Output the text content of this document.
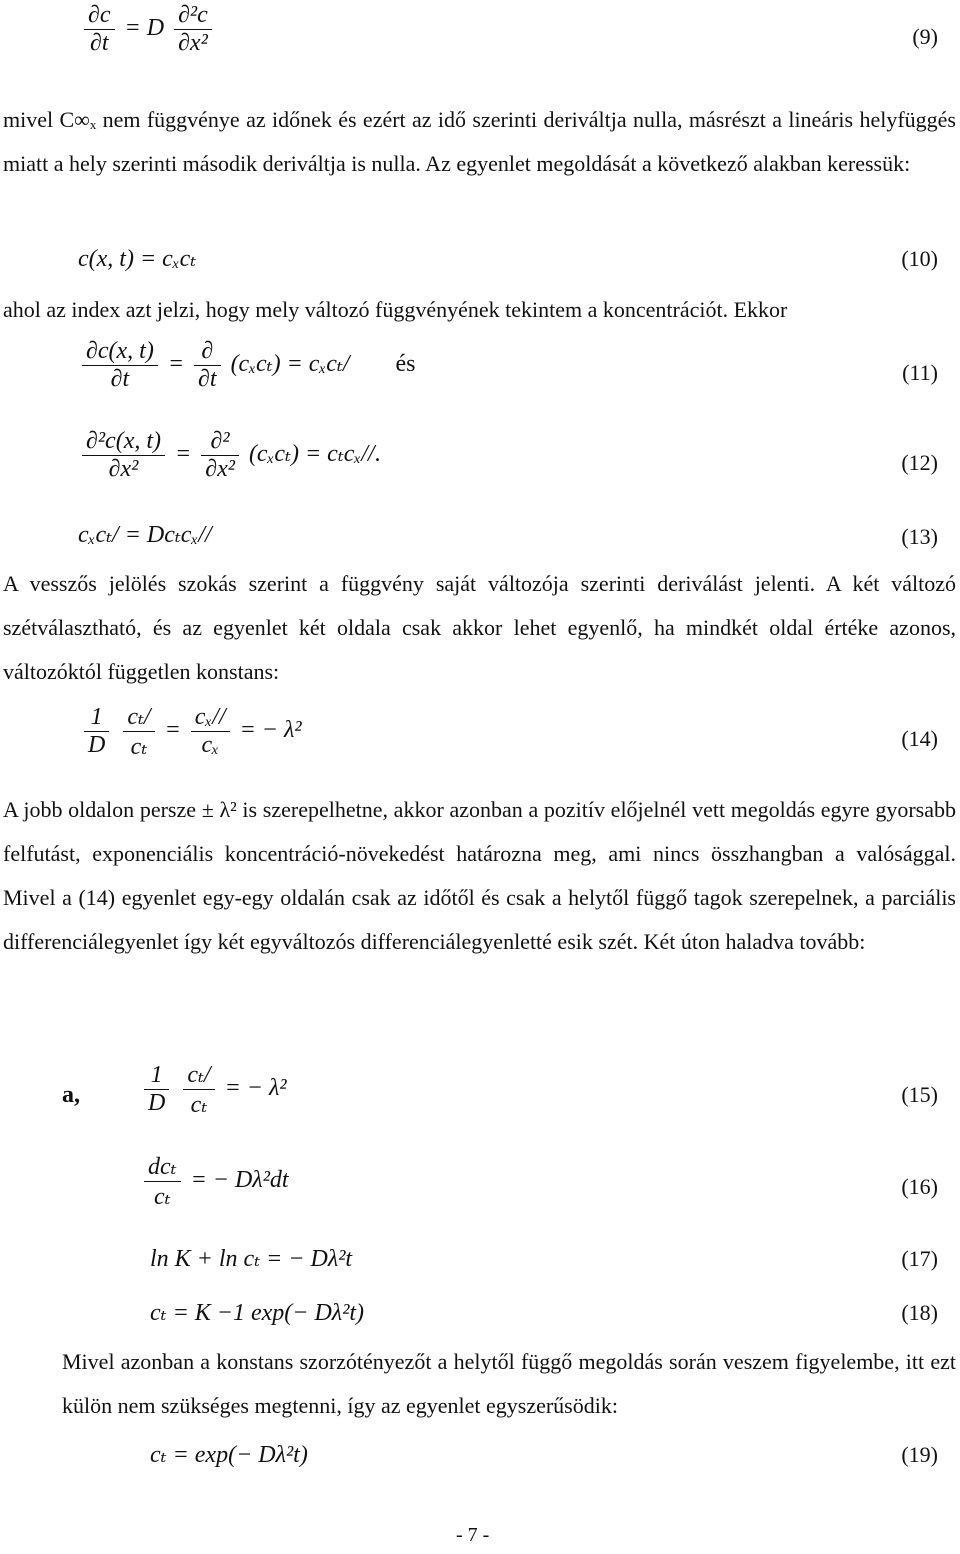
$\frac{\partial c}{\partial t} = D \frac{\text{∂²c}}{\text{∂x²}}$	(9)
mivel C∞ₓ nem függvénye az időnek és ezért az idő szerinti deriváltja nulla, másrészt a lineáris helyfüggés miatt a hely szerinti második deriváltja is nulla. Az egyenlet megoldását a következő alakban keressük:
c(x, t) = cₓcₜ	(10)
ahol az index azt jelzi, hogy mely változó függvényének tekintem a koncentrációt. Ekkor
$\frac{\partial c(x, t)}{\partial t} = \frac{\partial}{\partial t} (c_xc_t) = c_xc_t/$ és	(11)
$\frac{\text{∂²c(x, t)}}{\text{∂x²}} = \frac{\text{∂²}}{\text{∂x²}} (c_xc_t) = c_tc_x//$.	(12)
cₓcₜ/ = Dcₜcₓ//	(13)
A vesszős jelölés szokás szerint a függvény saját változója szerinti deriválást jelenti. A két változó szétválasztható, és az egyenlet két oldala csak akkor lehet egyenlő, ha mindkét oldal értéke azonos, változóktól független konstans:
$\frac{1}{D}$
$\frac{\text{cₜ/}}{\text{cₜ}} = \frac{\text{cₓ//}}{\text{cₓ}}$ = − λ²	(14)
A jobb oldalon persze ± λ² is szerepelhetne, akkor azonban a pozitív előjelnél vett megoldás egyre gyorsabb felfutást, exponenciális koncentráció-növekedést határozna meg, ami nincs összhangban a valósággal. Mivel a (14) egyenlet egy-egy oldalán csak az időtől és csak a helytől függő tagok szerepelnek, a parciális differenciálegyenlet így két egyváltozós differenciálegyenletté esik szét. Két úton haladva tovább:
a,	$\frac{1}{D}$
$\frac{\text{cₜ/}}{\text{cₜ}}$ = − λ²	(15)
$\frac{\text{dcₜ}}{\text{cₜ}}$ = − Dλ²dt	(16)
ln K + ln cₜ = − Dλ²t	(17)
cₜ = K −1 exp(− Dλ²t)	(18)
Mivel azonban a konstans szorzótényezőt a helytől függő megoldás során veszem figyelembe, itt ezt külön nem szükséges megtenni, így az egyenlet egyszerűsödik:
cₜ = exp(− Dλ²t)	(19)
- 7 -
